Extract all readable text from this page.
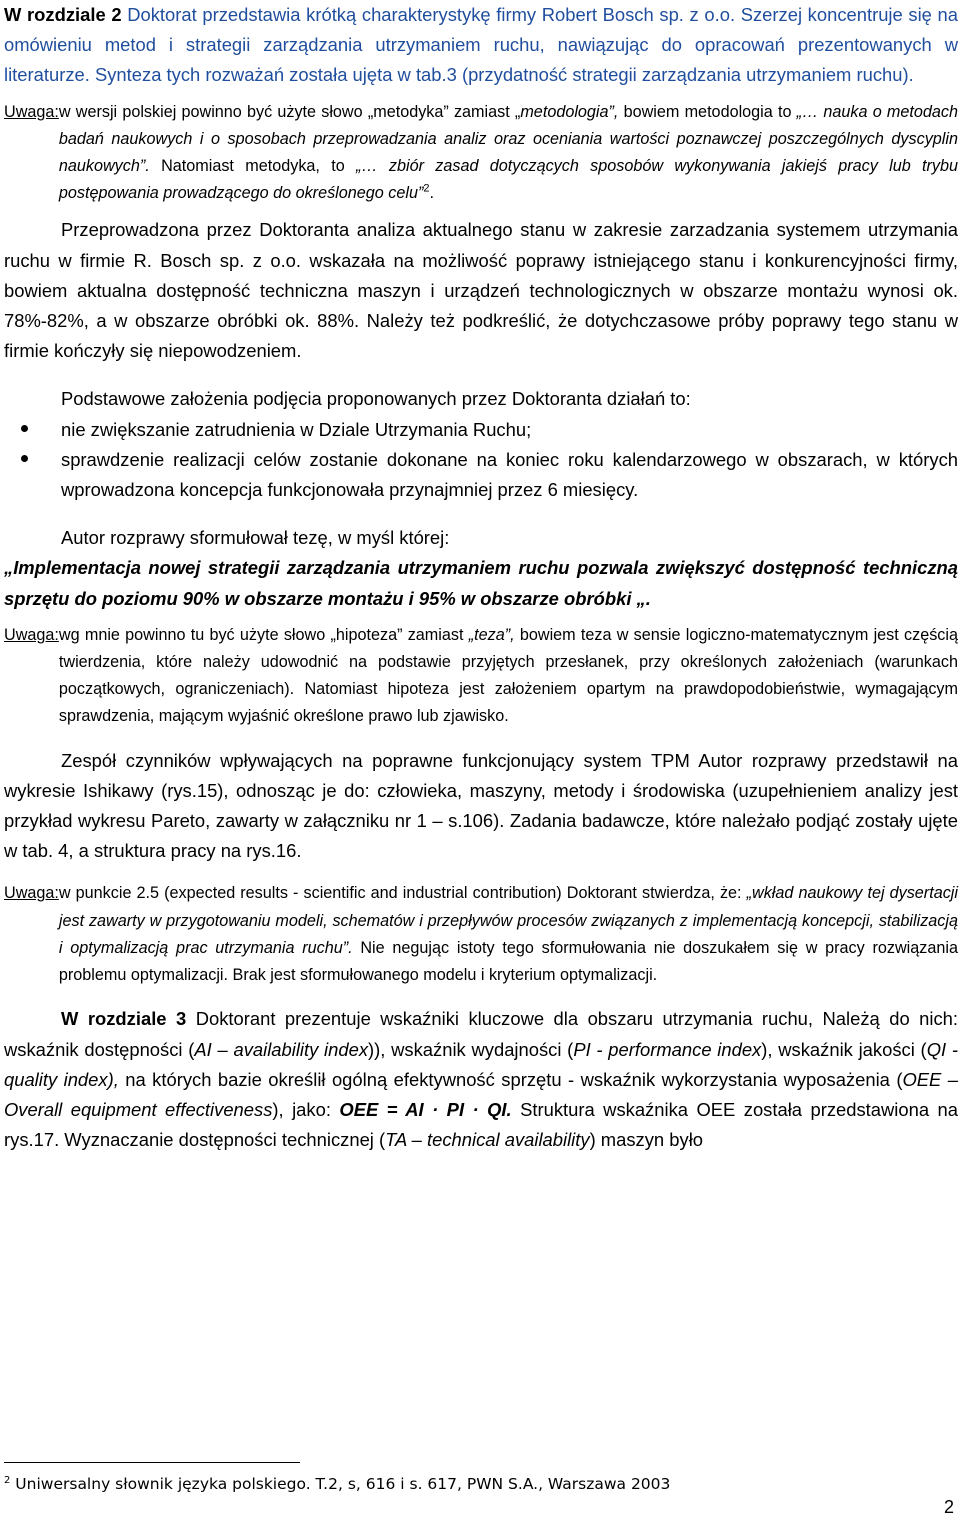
W rozdziale 2 Doktorat przedstawia krótką charakterystykę firmy Robert Bosch sp. z o.o. Szerzej koncentruje się na omówieniu metod i strategii zarządzania utrzymaniem ruchu, nawiązując do opracowań prezentowanych w literaturze. Synteza tych rozważań została ujęta w tab.3 (przydatność strategii zarządzania utrzymaniem ruchu).

Uwaga: w wersji polskiej powinno być użyte słowo „metodyka” zamiast „metodologia”, bowiem metodologia to „… nauka o metodach badań naukowych i o sposobach przeprowadzania analiz oraz oceniania wartości poznawczej poszczególnych dyscyplin naukowych”. Natomiast metodyka, to „… zbiór zasad dotyczących sposobów wykonywania jakiejś pracy lub trybu postępowania prowadzącego do określonego celu”$^2$.

Przeprowadzona przez Doktoranta analiza aktualnego stanu w zakresie zarzadzania systemem utrzymania ruchu w firmie R. Bosch sp. z o.o. wskazała na możliwość poprawy istniejącego stanu i konkurencyjności firmy, bowiem aktualna dostępność techniczna maszyn i urządzeń technologicznych w obszarze montażu wynosi ok. 78%-82%, a w obszarze obróbki ok. 88%. Należy też podkreślić, że dotychczasowe próby poprawy tego stanu w firmie kończyły się niepowodzeniem.

Podstawowe założenia podjęcia proponowanych przez Doktoranta działań to:

nie zwiększanie zatrudnienia w Dziale Utrzymania Ruchu;
sprawdzenie realizacji celów zostanie dokonane na koniec roku kalendarzowego w obszarach, w których wprowadzona koncepcja funkcjonowała przynajmniej przez 6 miesięcy.

Autor rozprawy sformułował tezę, w myśl której:

„Implementacja nowej strategii zarządzania utrzymaniem ruchu pozwala zwiększyć dostępność techniczną sprzętu do poziomu 90% w obszarze montażu i 95% w obszarze obróbki „.

Uwaga: wg mnie powinno tu być użyte słowo „hipoteza” zamiast „teza”, bowiem teza w sensie logiczno-matematycznym jest częścią twierdzenia, które należy udowodnić na podstawie przyjętych przesłanek, przy określonych założeniach (warunkach początkowych, ograniczeniach). Natomiast hipoteza jest założeniem opartym na prawdopodobieństwie, wymagającym sprawdzenia, mającym wyjaśnić określone prawo lub zjawisko.

Zespół czynników wpływających na poprawne funkcjonujący system TPM Autor rozprawy przedstawił na wykresie Ishikawy (rys.15), odnosząc je do: człowieka, maszyny, metody i środowiska (uzupełnieniem analizy jest przykład wykresu Pareto, zawarty w załączniku nr 1 – s.106). Zadania badawcze, które należało podjąć zostały ujęte w tab. 4, a struktura pracy na rys.16.

Uwaga: w punkcie 2.5 (expected results - scientific and industrial contribution) Doktorant stwierdza, że: „wkład naukowy tej dysertacji jest zawarty w przygotowaniu modeli, schematów i przepływów procesów związanych z implementacją koncepcji, stabilizacją i optymalizacją prac utrzymania ruchu”. Nie negując istoty tego sformułowania nie doszukałem się w pracy rozwiązania problemu optymalizacji. Brak jest sformułowanego modelu i kryterium optymalizacji.

W rozdziale 3 Doktorant prezentuje wskaźniki kluczowe dla obszaru utrzymania ruchu, Należą do nich: wskaźnik dostępności (AI – availability index)), wskaźnik wydajności (PI - performance index), wskaźnik jakości (QI - quality index), na których bazie określił ogólną efektywność sprzętu - wskaźnik wykorzystania wyposażenia (OEE – Overall equipment effectiveness), jako: OEE = AI · PI · QI. Struktura wskaźnika OEE została przedstawiona na rys.17. Wyznaczanie dostępności technicznej (TA – technical availability) maszyn było

$^2$ Uniwersalny słownik języka polskiego. T.2, s, 616 i s. 617, PWN S.A., Warszawa 2003
2
